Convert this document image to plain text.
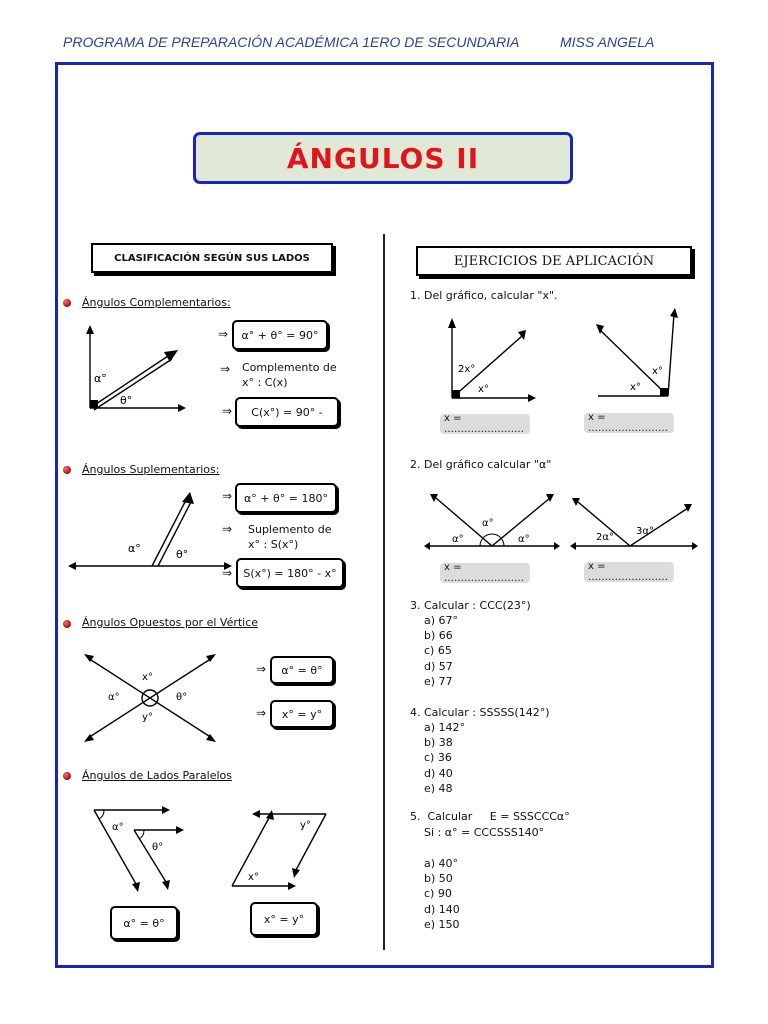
PROGRAMA DE PREPARACIÓN ACADÉMICA 1ERO DE SECUNDARIA	MISS ANGELA
ÁNGULOS II
CLASIFICACIÓN SEGÚN SUS LADOS
Ángulos Complementarios:
α°
θ°
⇒ α° + θ° = 90°
⇒ Complemento de
x° : C(x)
⇒ C(x°) = 90° -
Ángulos Suplementarios:
α°	θ°
⇒ α° + θ° = 180°
⇒ Suplemento de
x° : S(x°)
⇒ S(x°) = 180° - x°
Ángulos Opuestos por el Vértice
x°
α°	θ°
y°
⇒ α° = θ°
⇒ x° = y°
Ángulos de Lados Paralelos
α°
θ°
x°
y°
α° = θ°	x° = y°
EJERCICIOS DE APLICACIÓN
1. Del gráfico, calcular "x".
2x°
x°	x°
x°
x = ……………………
x = ……………………
2. Del gráfico calcular "α"
α°
α°
α°	2α°
3α°
x = ……………………
x = ……………………
3. Calcular : CCC(23°)
a) 67°
b) 66
c) 65
d) 57
e) 77
4. Calcular : SSSSS(142°)
a) 142°
b) 38
c) 36
d) 40
e) 48
5.  Calcular     E = SSSCCCα°
Si : α° = CCCSSS140°
a) 40°
b) 50
c) 90
d) 140
e) 150
